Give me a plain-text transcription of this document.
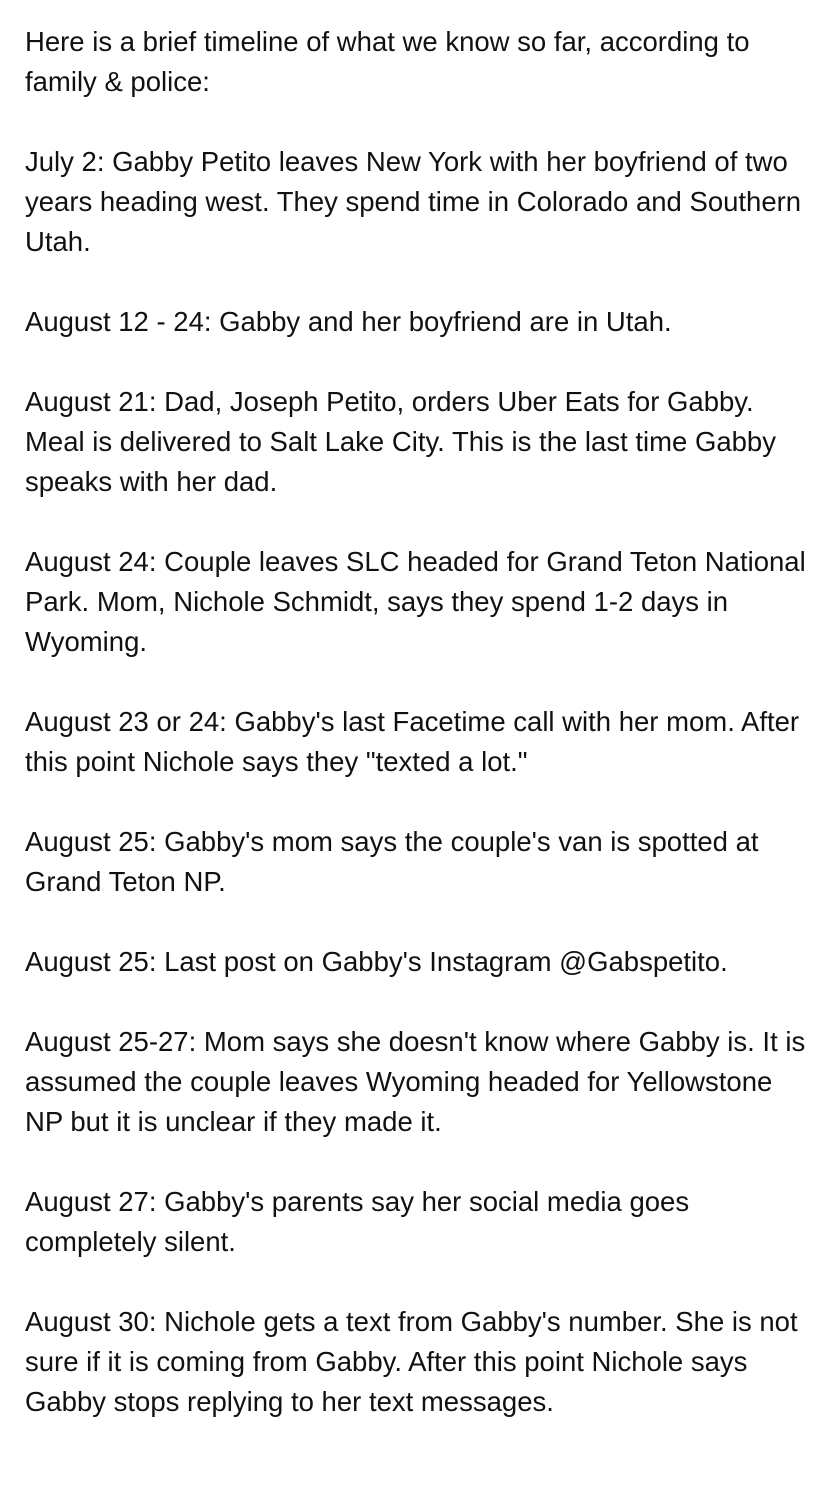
Here is a brief timeline of what we know so far, according to family & police:

July 2: Gabby Petito leaves New York with her boyfriend of two years heading west. They spend time in Colorado and Southern Utah.

August 12 - 24: Gabby and her boyfriend are in Utah.

August 21: Dad, Joseph Petito, orders Uber Eats for Gabby. Meal is delivered to Salt Lake City. This is the last time Gabby speaks with her dad.

August 24: Couple leaves SLC headed for Grand Teton National Park. Mom, Nichole Schmidt, says they spend 1-2 days in Wyoming.

August 23 or 24: Gabby's last Facetime call with her mom. After this point Nichole says they "texted a lot."

August 25: Gabby's mom says the couple's van is spotted at Grand Teton NP.

August 25: Last post on Gabby's Instagram @Gabspetito.

August 25-27: Mom says she doesn't know where Gabby is. It is assumed the couple leaves Wyoming headed for Yellowstone NP but it is unclear if they made it.

August 27: Gabby's parents say her social media goes completely silent.

August 30: Nichole gets a text from Gabby's number. She is not sure if it is coming from Gabby. After this point Nichole says Gabby stops replying to her text messages.
